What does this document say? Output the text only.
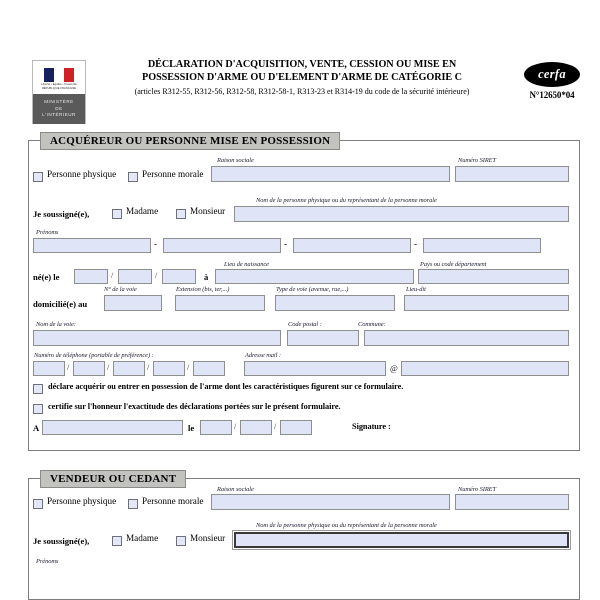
Liberté • Égalité • Fraternité
RÉPUBLIQUE FRANÇAISE
MINISTÈRE
DE
L'INTÉRIEUR
DÉCLARATION D'ACQUISITION, VENTE, CESSION OU MISE EN
POSSESSION D'ARME OU D'ELEMENT D'ARME DE CATÉGORIE C
(articles R312-55, R312-56, R312-58, R312-58-1, R313-23 et R314-19 du code de la sécurité intérieure)
cerfa
N°12650*04
ACQUÉREUR OU PERSONNE MISE EN POSSESSION
Personne physique	Personne morale
Raison sociale	Numéro SIRET
Nom de la personne physique ou du représentant de la personne morale
Je soussigné(e),	Madame	Monsieur
Prénoms
-	-	-
Lieu de naissance	Pays ou code département
né(e) le	/	/	à
N° de la voie	Extension (bis, ter,...)	Type de voie (avenue, rue,...)	Lieu-dit
domicilié(e) au
Nom de la voie:	Code postal :	Commune:
Numéro de téléphone (portable de préférence) :	Adresse mail :
/	/	/	/	@
déclare acquérir ou entrer en possession de l'arme dont les caractéristiques figurent sur ce formulaire.
certifie sur l'honneur l'exactitude des déclarations portées sur le présent formulaire.
A	le	/	/	Signature :
VENDEUR OU CEDANT
Personne physique	Personne morale
Raison sociale	Numéro SIRET
Nom de la personne physique ou du représentant de la personne morale
Je soussigné(e),	Madame	Monsieur
Prénoms
